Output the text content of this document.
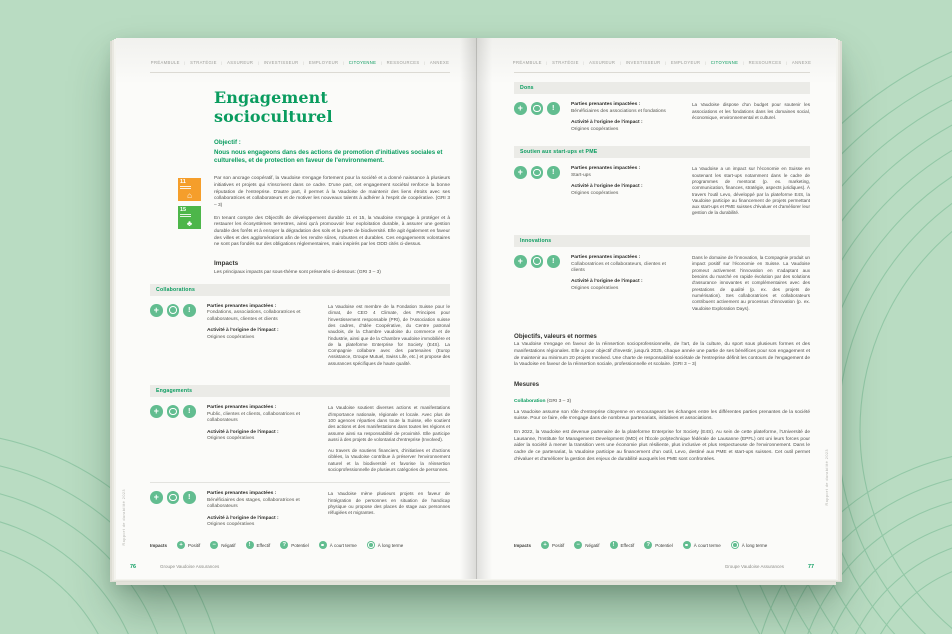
PRÉAMBULE	|	STRATÉGIE	|	ASSUREUR	|	INVESTISSEUR	|	EMPLOYEUR	|	CITOYENNE	|	RESSOURCES	|	ANNEXE
Engagement socioculturel
Objectif :
Nous nous engageons dans des actions de promotion d'initiatives sociales et culturelles, et de protection en faveur de l'environnement.
11
⌂
15
♣

Par son ancrage coopératif, la Vaudoise s'engage fortement pour la société et a donné naissance à plusieurs initiatives et projets qui s'inscrivent dans ce cadre. D'une part, cet engagement sociétal renforce la bonne réputation de l'entreprise. D'autre part, il permet à la Vaudoise de maintenir des liens étroits avec ses collaboratrices et collaborateurs et de motiver les nouveaux talents à adhérer à l'esprit de coopérative. (GRI 3 – 3)

En tenant compte des Objectifs de développement durable 11 et 15, la Vaudoise s'engage à protéger et à restaurer les écosystèmes terrestres, ainsi qu'à promouvoir leur exploitation durable, à assurer une gestion durable des forêts et à enrayer la dégradation des sols et la perte de biodiversité. Elle agit également en faveur des villes et des agglomérations afin de les rendre sûres, robustes et durables. Ces engagements volontaires ne sont pas fondés sur des obligations réglementaires, mais inspirés par les ODD cités ci-dessus.

Impacts

Les principaux impacts par sous-thème sont présentés ci-dessous: (GRI 3 – 3)

Collaborations
+	!	Parties prenantes impactées :

Fondations, associations, collaboratrices et collaborateurs, clientes et clients

Activité à l'origine de l'impact :

Origines coopératives

La Vaudoise est membre de la Fondation Suisse pour le climat, de CEO 4 Climate, des Principes pour l'investissement responsable (PRI), de l'Association suisse des cadres, d'Idée Coopérative, du Centre patronal vaudois, de la Chambre vaudoise du commerce et de l'industrie, ainsi que de la Chambre vaudoise immobilière et de la plateforme Enterprise for Society (E4S). La Compagnie collabore avec des partenaires (Europ Assistance, Groupe Mutuel, Swiss Life, etc.) et propose des assurances spécifiques de haute qualité.

Engagements
+	!	Parties prenantes impactées :

Public, clientes et clients, collaboratrices et collaborateurs

Activité à l'origine de l'impact :

Origines coopératives

La Vaudoise soutient diverses actions et manifestations d'importance nationale, régionale et locale. Avec plus de 100 agences réparties dans toute la Suisse, elle soutient des actions et des manifestations dans toutes les régions et assume ainsi sa responsabilité de proximité. Elle participe aussi à des projets de volontariat d'entreprise (Involved).

Au travers de soutiens financiers, d'initiatives et d'actions ciblées, la Vaudoise contribue à préserver l'environnement naturel et la biodiversité et favorise la réinsertion socioprofessionnelle de plusieurs catégories de personnes.

+	!	Parties prenantes impactées :

Bénéficiaires des stages, collaboratrices et collaborateurs

Activité à l'origine de l'impact :

Origines coopératives

La Vaudoise mène plusieurs projets en faveur de l'intégration de personnes en situation de handicap physique ou propose des places de stage aux personnes réfugiées et migrantes.

Impacts	+	Positif	−	Négatif	!	Effectif	?	Potentiel	À court terme	À long terme
76	Groupe Vaudoise Assurances
Rapport de durabilité 2023
PRÉAMBULE	|	STRATÉGIE	|	ASSUREUR	|	INVESTISSEUR	|	EMPLOYEUR	|	CITOYENNE	|	RESSOURCES	|	ANNEXE
Dons
+	!	Parties prenantes impactées :

Bénéficiaires des associations et fondations

Activité à l'origine de l'impact :

Origines coopératives

La Vaudoise dispose d'un budget pour soutenir les associations et les fondations dans les domaines social, économique, environnemental et culturel.

Soutien aux start-ups et PME
+	!	Parties prenantes impactées :

Start-ups

Activité à l'origine de l'impact :

Origines coopératives

La Vaudoise a un impact sur l'économie en Suisse en soutenant les start-ups notamment dans le cadre de programmes de mentorat (p. ex. marketing, communication, finances, stratégie, aspects juridiques). À travers l'outil Levo, développé par la plateforme E4S, la Vaudoise participe au financement de projets permettant aux start-ups et PME suisses d'évaluer et d'améliorer leur gestion de la durabilité.

Innovations
+	!	Parties prenantes impactées :

Collaboratrices et collaborateurs, clientes et clients

Activité à l'origine de l'impact :

Origines coopératives

Dans le domaine de l'innovation, la Compagnie produit un impact positif sur l'économie en Suisse. La Vaudoise promeut activement l'innovation en s'adaptant aux besoins du marché en rapide évolution par des solutions d'assurance innovantes et complémentaires avec des prestations de qualité (p. ex. des projets de numérisation). Ses collaboratrices et collaborateurs contribuent activement au processus d'innovation (p. ex. Vaudoise Exploration Days).

Objectifs, valeurs et normes

La Vaudoise s'engage en faveur de la réinsertion socioprofessionnelle, de l'art, de la culture, du sport sous plusieurs formes et des manifestations régionales. Elle a pour objectif d'investir, jusqu'à 2025, chaque année une partie de ses bénéfices pour son engagement et de maintenir au minimum 20 projets Involved. Une charte de responsabilité sociétale de l'entreprise définit les contours de l'engagement de la Vaudoise en faveur de la réinsertion sociale, professionnelle et scolaire. (GRI 3 – 3)

Mesures

Collaboration (GRI 3 – 3)

La Vaudoise assume son rôle d'entreprise citoyenne en encourageant les échanges entre les différentes parties prenantes de la société suisse. Pour ce faire, elle s'engage dans de nombreux partenariats, initiatives et associations.

En 2022, la Vaudoise est devenue partenaire de la plateforme Enterprise for Society (E4S). Au sein de cette plateforme, l'Université de Lausanne, l'Institute for Management Development (IMD) et l'École polytechnique fédérale de Lausanne (EPFL) ont uni leurs forces pour aider la société à mener la transition vers une économie plus résiliente, plus inclusive et plus respectueuse de l'environnement. Dans le cadre de ce partenariat, la Vaudoise participe au financement d'un outil, Levo, destiné aux PME et start-ups suisses. Cet outil permet d'évaluer et d'améliorer la gestion des enjeux de durabilité auxquels les PME sont confrontées.

Impacts	+	Positif	−	Négatif	!	Effectif	?	Potentiel	À court terme	À long terme
Groupe Vaudoise Assurances	77
Rapport de durabilité 2023
